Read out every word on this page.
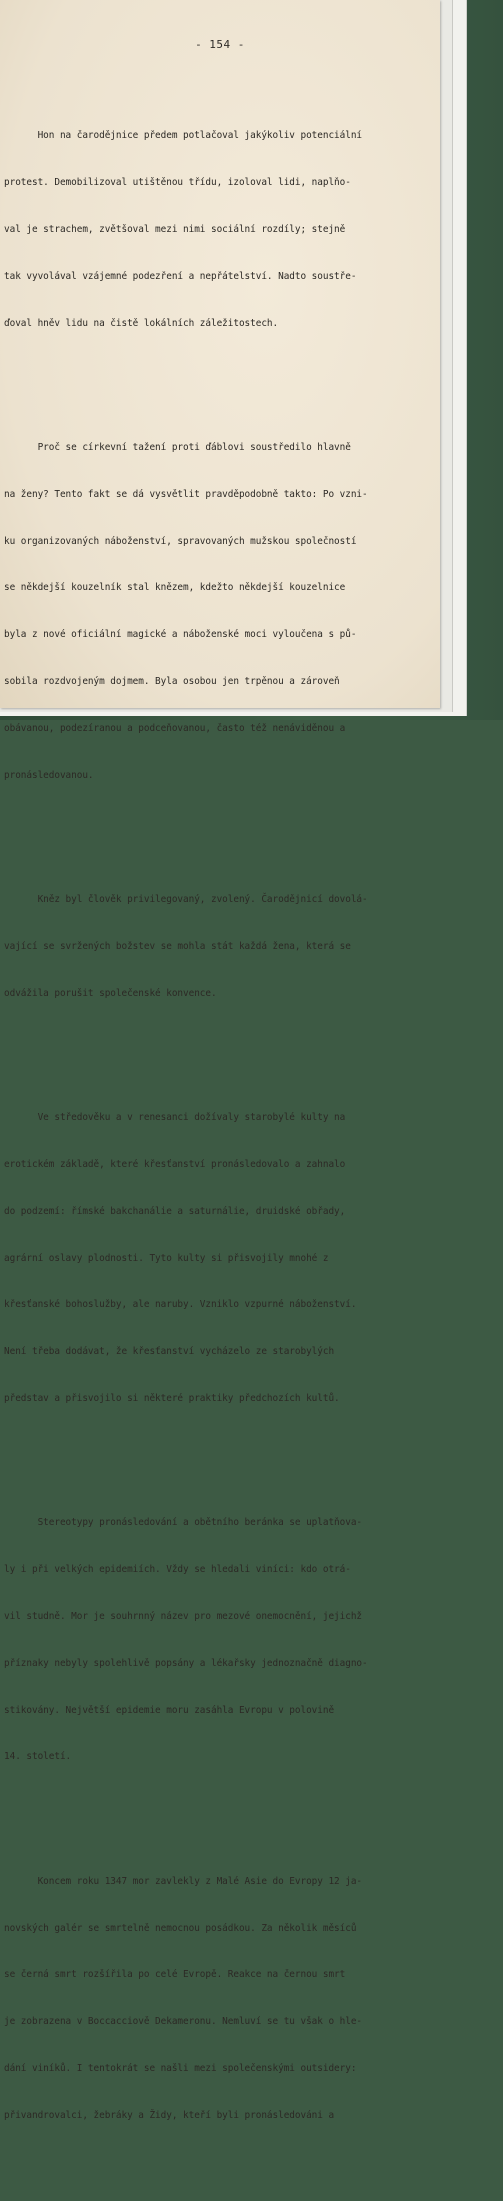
- 154 -

Hon na čarodějnice předem potlačoval jakýkoliv potenciální

protest. Demobilizoval utištěnou třídu, izoloval lidi, naplňo-

val je strachem, zvětšoval mezi nimi sociální rozdíly; stejně

tak vyvolával vzájemné podezření a nepřátelství. Nadto soustře-

ďoval hněv lidu na čistě lokálních záležitostech.

Proč se církevní tažení proti ďáblovi soustředilo hlavně

na ženy? Tento fakt se dá vysvětlit pravděpodobně takto: Po vzni-

ku organizovaných náboženství, spravovaných mužskou společností

se někdejší kouzelník stal knězem, kdežto někdejší kouzelnice

byla z nové oficiální magické a náboženské moci vyloučena s pů-

sobila rozdvojeným dojmem. Byla osobou jen trpěnou a zároveň

obávanou, podezíranou a podceňovanou, často též nenáviděnou a

pronásledovanou.

Kněz byl člověk privilegovaný, zvolený. Čarodějnicí dovolá-

vající se svržených božstev se mohla stát každá žena, která se

odvážila porušit společenské konvence.

Ve středověku a v renesanci dožívaly starobylé kulty na

erotickém základě, které křesťanství pronásledovalo a zahnalo

do podzemí: římské bakchanálie a saturnálie, druidské obřady,

agrární oslavy plodnosti. Tyto kulty si přisvojily mnohé z

křesťanské bohoslužby, ale naruby. Vzniklo vzpurné náboženství.

Není třeba dodávat, že křesťanství vycházelo ze starobylých

představ a přisvojilo si některé praktiky předchozích kultů.

Stereotypy pronásledování a obětního beránka se uplatňova-

ly i při velkých epidemiích. Vždy se hledali viníci: kdo otrá-

vil studně. Mor je souhrnný název pro mezové onemocnění, jejichž

příznaky nebyly spolehlivě popsány a lékařsky jednoznačně diagno-

stikovány. Největší epidemie moru zasáhla Evropu v polovině

14. století.

Koncem roku 1347 mor zavlekly z Malé Asie do Evropy 12 ja-

novských galér se smrtelně nemocnou posádkou. Za několik měsíců

se černá smrt rozšířila po celé Evropě. Reakce na černou smrt

je zobrazena v Boccacciově Dekameronu. Nemluví se tu však o hle-

dání viníků. I tentokrát se našli mezi společenskými outsidery:

přivandrovalci, žebráky a Židy, kteří byli pronásledováni a
